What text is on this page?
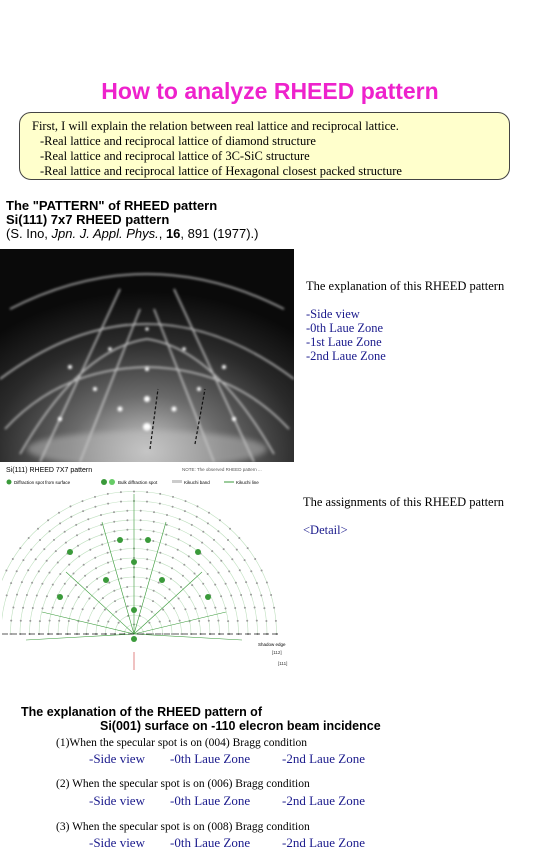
How to analyze RHEED pattern
First, I will explain the relation between real lattice and reciprocal lattice.
-Real lattice and reciprocal lattice of diamond structure
-Real lattice and reciprocal lattice of 3C-SiC structure
-Real lattice and reciprocal lattice of Hexagonal closest packed structure
The "PATTERN" of RHEED pattern
Si(111) 7x7 RHEED pattern
(S. Ino, Jpn. J. Appl. Phys., 16, 891 (1977).)
Si(111) RHEED 7X7 pattern	NOTE: The observed RHEED pattern ...
Diffraction spot from surface	Bulk diffraction spot	Kikuchi band	Kikuchi line
Shadow edge
[112]
[111]
The explanation of this RHEED pattern
-Side view
-0th Laue Zone
-1st Laue Zone
-2nd Laue Zone
The assignments of this RHEED pattern
<Detail>
The explanation of the RHEED pattern of
Si(001) surface on -110 elecron beam incidence
(1)When the specular spot is on (004) Bragg condition
-Side view -0th Laue Zone -2nd Laue Zone
(2) When the specular spot is on (006) Bragg condition
-Side view -0th Laue Zone -2nd Laue Zone
(3) When the specular spot is on (008) Bragg condition
-Side view -0th Laue Zone -2nd Laue Zone
